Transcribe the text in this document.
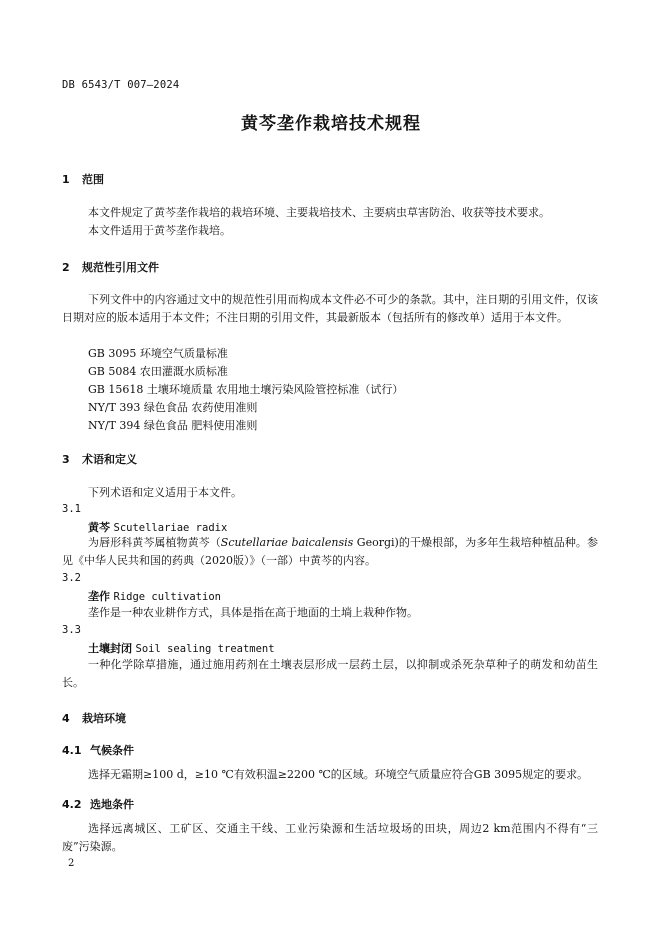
DB 6543/T 007—2024
黄芩垄作栽培技术规程
1 范围
本文件规定了黄芩垄作栽培的栽培环境、主要栽培技术、主要病虫草害防治、收获等技术要求。
本文件适用于黄芩垄作栽培。
2 规范性引用文件
下列文件中的内容通过文中的规范性引用而构成本文件必不可少的条款。其中，注日期的引用文件，仅该日期对应的版本适用于本文件；不注日期的引用文件，其最新版本（包括所有的修改单）适用于本文件。
GB 3095 环境空气质量标准
GB 5084 农田灌溉水质标准
GB 15618 土壤环境质量 农用地土壤污染风险管控标准（试行）
NY/T 393 绿色食品 农药使用准则
NY/T 394 绿色食品 肥料使用准则
3 术语和定义
下列术语和定义适用于本文件。
3.1
黄芩 Scutellariae radix
为唇形科黄芩属植物黄芩（Scutellariae baicalensis Georgi)的干燥根部，为多年生栽培种植品种。参见《中华人民共和国的药典（2020版）》（一部）中黄芩的内容。
3.2
垄作 Ridge cultivation
垄作是一种农业耕作方式，具体是指在高于地面的土埫上栽种作物。
3.3
土壤封闭 Soil sealing treatment
一种化学除草措施，通过施用药剂在土壤表层形成一层药土层，以抑制或杀死杂草种子的萌发和幼苗生长。
4 栽培环境
4.1 气候条件
选择无霜期≥100 d，≥10 ℃有效积温≥2200 ℃的区域。环境空气质量应符合GB 3095规定的要求。
4.2 选地条件
选择远离城区、工矿区、交通主干线、工业污染源和生活垃圾场的田块，周边2 km范围内不得有“三废”污染源。
2
